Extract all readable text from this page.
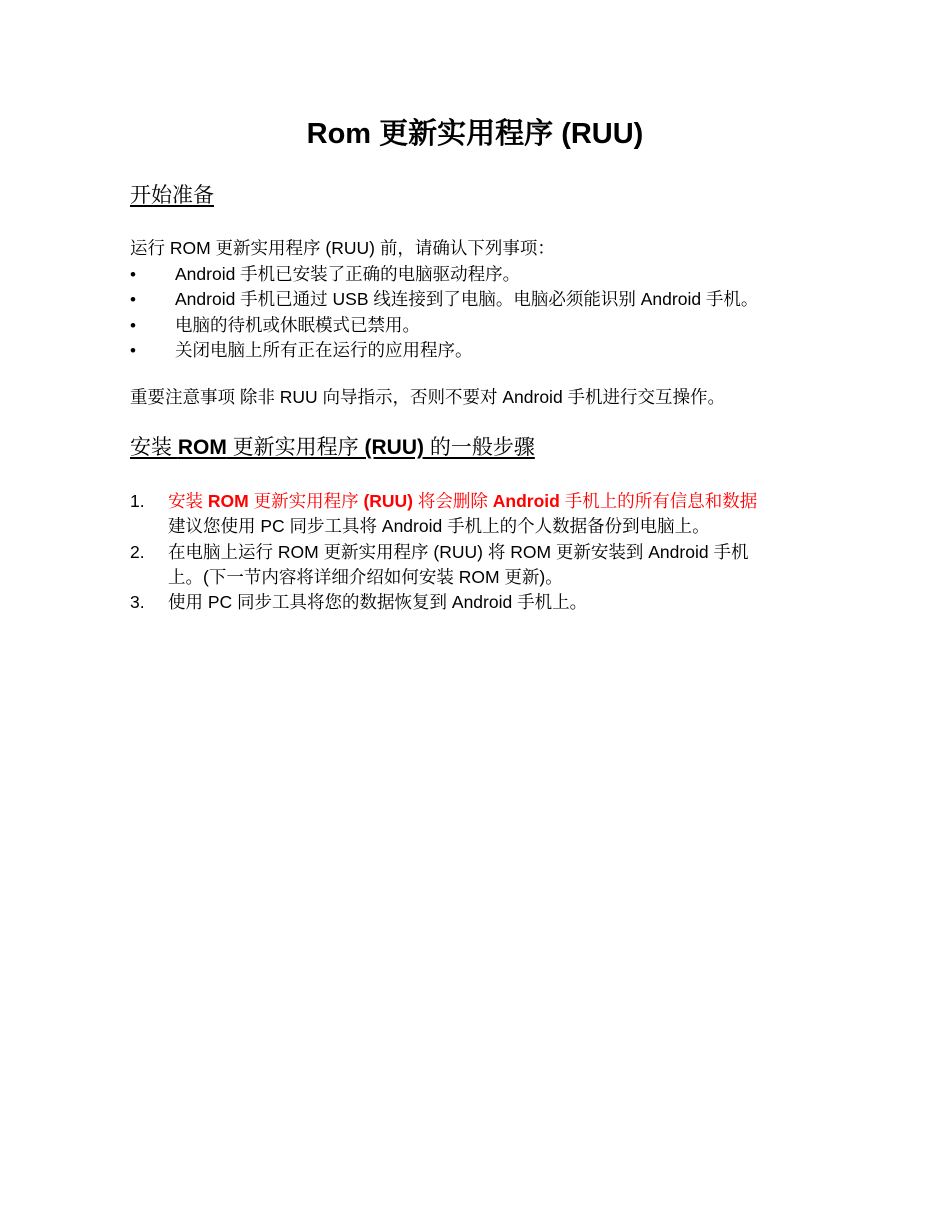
Rom 更新实用程序 (RUU)
开始准备

运行 ROM 更新实用程序 (RUU) 前，请确认下列事项：

• Android 手机已安装了正确的电脑驱动程序。
• Android 手机已通过 USB 线连接到了电脑。电脑必须能识别 Android 手机。
• 电脑的待机或休眠模式已禁用。
• 关闭电脑上所有正在运行的应用程序。

重要注意事项 除非 RUU 向导指示，否则不要对 Android 手机进行交互操作。

安装 ROM 更新实用程序 (RUU) 的一般步骤
1. 安装 ROM 更新实用程序 (RUU) 将会删除 Android 手机上的所有信息和数据
建议您使用 PC 同步工具将 Android 手机上的个人数据备份到电脑上。
2. 在电脑上运行 ROM 更新实用程序 (RUU) 将 ROM 更新安装到 Android 手机
上。(下一节内容将详细介绍如何安装 ROM 更新)。
3. 使用 PC 同步工具将您的数据恢复到 Android 手机上。
